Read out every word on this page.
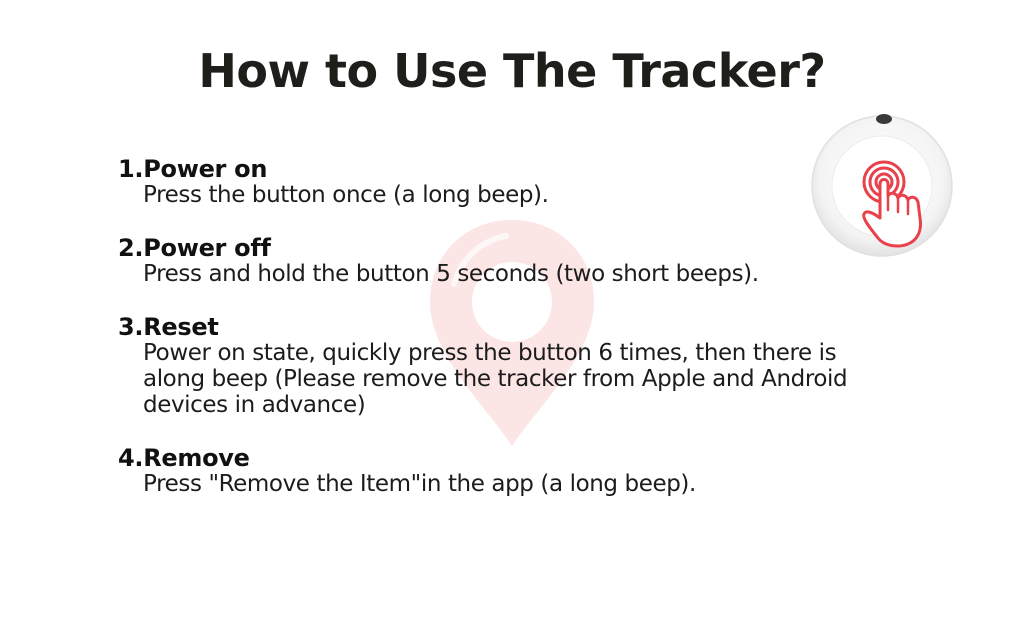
How to Use The Tracker?
1.Power on
Press the button once (a long beep).
2.Power off
Press and hold the button 5 seconds (two short beeps).
3.Reset
Power on state, quickly press the button 6 times, then there is along beep (Please remove the tracker from Apple and Android devices in advance)
4.Remove
Press "Remove the Item"in the app (a long beep).
